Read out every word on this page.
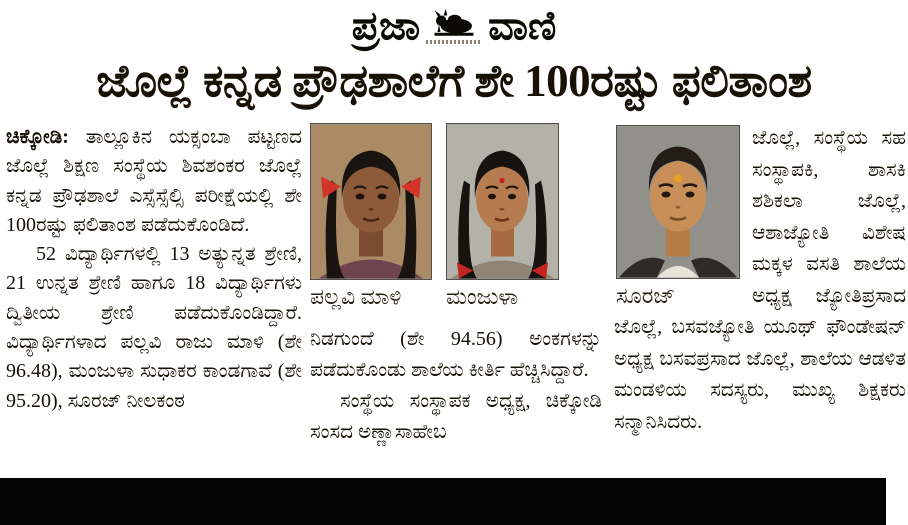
ಪ್ರಜಾ ವಾಣಿ
ಜೊಲ್ಲೆ ಕನ್ನಡ ಪ್ರೌಢಶಾಲೆಗೆ ಶೇ 100ರಷ್ಟು ಫಲಿತಾಂಶ

ಚಿಕ್ಕೋಡಿ: ತಾಲ್ಲೂಕಿನ ಯಕ್ಸಂಬಾ ಪಟ್ಟಣದ ಜೊಲ್ಲೆ ಶಿಕ್ಷಣ ಸಂಸ್ಥೆಯ ಶಿವಶಂಕರ ಜೊಲ್ಲೆ ಕನ್ನಡ ಪ್ರೌಢಶಾಲೆ ಎಸ್ಸೆಸ್ಸೆಲ್ಸಿ ಪರೀಕ್ಷೆಯಲ್ಲಿ ಶೇ 100ರಷ್ಟು ಫಲಿತಾಂಶ ಪಡೆದುಕೊಂಡಿದೆ.

52 ವಿದ್ಯಾರ್ಥಿಗಳಲ್ಲಿ 13 ಅತ್ಯುನ್ನತ ಶ್ರೇಣಿ, 21 ಉನ್ನತ ಶ್ರೇಣಿ ಹಾಗೂ 18 ವಿದ್ಯಾರ್ಥಿಗಳು ದ್ವಿತೀಯ ಶ್ರೇಣಿ ಪಡೆದುಕೊಂಡಿದ್ದಾರೆ. ವಿದ್ಯಾರ್ಥಿಗಳಾದ ಪಲ್ಲವಿ ರಾಜು ಮಾಳಿ (ಶೇ 96.48), ಮಂಜುಳಾ ಸುಧಾಕರ ಕಾಂಡಗಾವೆ (ಶೇ 95.20), ಸೂರಜ್ ನೀಲಕಂಠ

ಪಲ್ಲವಿ ಮಾಳಿ	ಮಂಜುಳಾ

ನಿಡಗುಂದೆ (ಶೇ 94.56) ಅಂಕಗಳನ್ನು ಪಡೆದುಕೊಂಡು ಶಾಲೆಯ ಕೀರ್ತಿ ಹೆಚ್ಚಿಸಿದ್ದಾರೆ.

ಸಂಸ್ಥೆಯ ಸಂಸ್ಥಾಪಕ ಅಧ್ಯಕ್ಷ, ಚಿಕ್ಕೋಡಿ ಸಂಸದ ಅಣ್ಣಾಸಾಹೇಬ

ಸೂರಜ್

ಜೊಲ್ಲೆ, ಸಂಸ್ಥೆಯ ಸಹ ಸಂಸ್ಥಾಪಕಿ, ಶಾಸಕಿ ಶಶಿಕಲಾ ಜೊಲ್ಲೆ, ಆಶಾಜ್ಯೋತಿ ವಿಶೇಷ ಮಕ್ಕಳ ವಸತಿ ಶಾಲೆಯ ಅಧ್ಯಕ್ಷ ಜ್ಯೋತಿಪ್ರಸಾದ ಜೊಲ್ಲೆ, ಬಸವಜ್ಯೋತಿ ಯೂಥ್ ಫೌಂಡೇಷನ್ ಅಧ್ಯಕ್ಷ ಬಸವಪ್ರಸಾದ ಜೊಲ್ಲೆ, ಶಾಲೆಯ ಆಡಳಿತ ಮಂಡಳಿಯ ಸದಸ್ಯರು, ಮುಖ್ಯ ಶಿಕ್ಷಕರು ಸನ್ಮಾನಿಸಿದರು.
